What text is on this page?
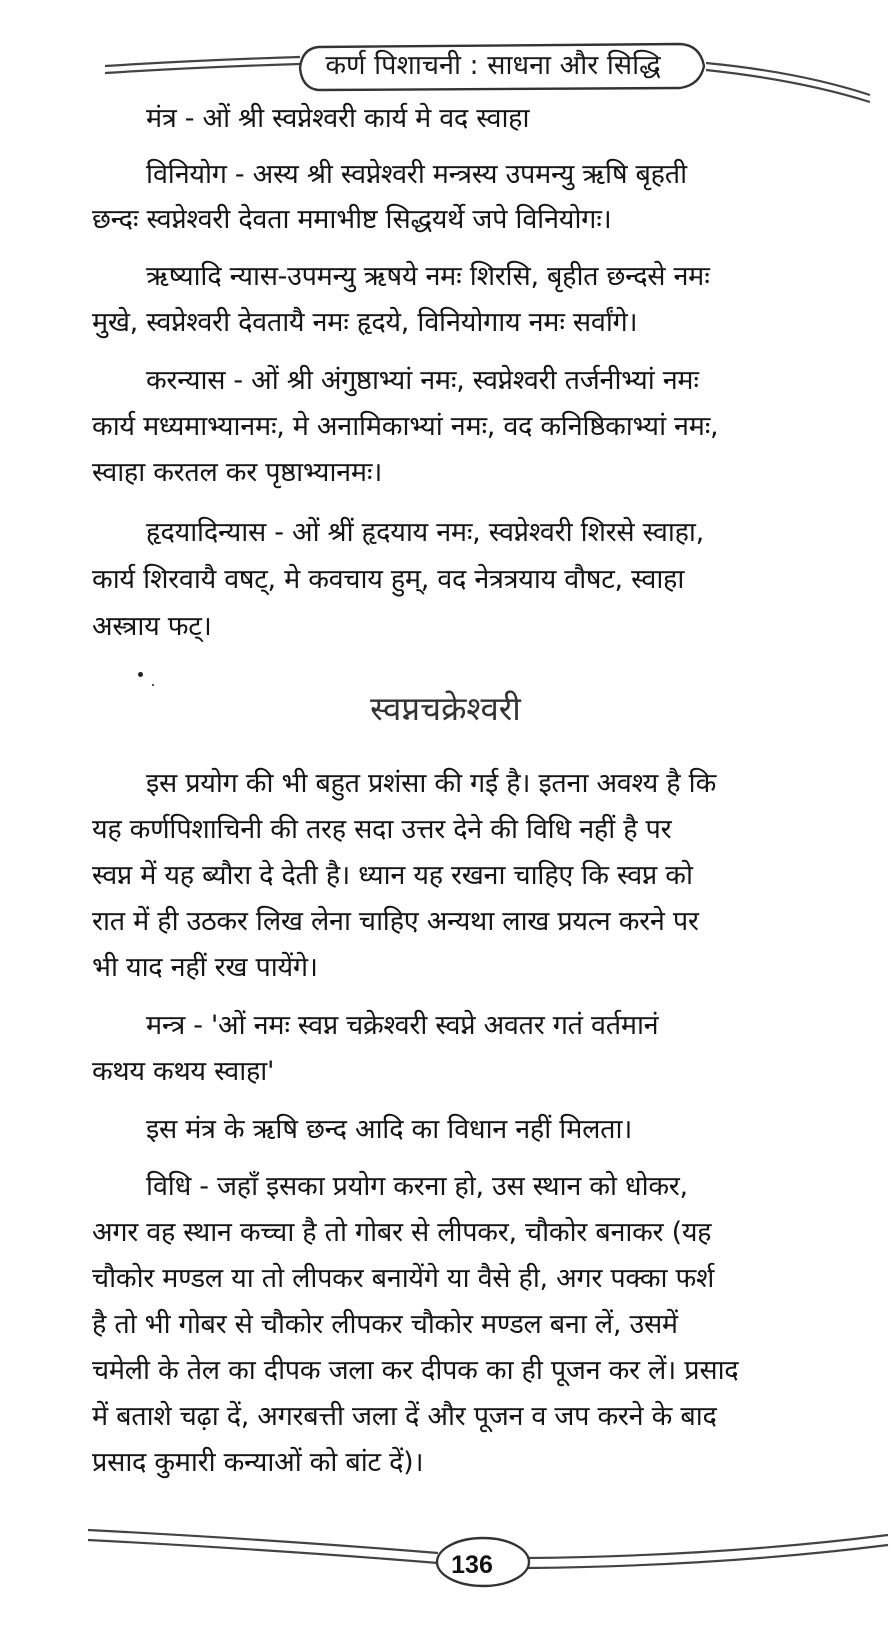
कर्ण पिशाचनी : साधना और सिद्धि
मंत्र - ओं श्री स्वप्नेश्वरी कार्य मे वद स्वाहा
विनियोग - अस्य श्री स्वप्नेश्वरी मन्त्रस्य उपमन्यु ऋषि बृहती
छन्दः स्वप्नेश्वरी देवता ममाभीष्ट सिद्धयर्थे जपे विनियोगः।
ऋष्यादि न्यास-उपमन्यु ऋषये नमः शिरसि, बृहीत छन्दसे नमः
मुखे, स्वप्नेश्वरी देवतायै नमः हृदये, विनियोगाय नमः सर्वांगे।
करन्यास - ओं श्री अंगुष्ठाभ्यां नमः, स्वप्नेश्वरी तर्जनीभ्यां नमः
कार्य मध्यमाभ्यानमः, मे अनामिकाभ्यां नमः, वद कनिष्ठिकाभ्यां नमः,
स्वाहा करतल कर पृष्ठाभ्यानमः।
हृदयादिन्यास - ओं श्रीं हृदयाय नमः, स्वप्नेश्वरी शिरसे स्वाहा,
कार्य शिरवायै वषट्, मे कवचाय हुम्, वद नेत्रत्रयाय वौषट, स्वाहा
अस्त्राय फट्।
स्वप्नचक्रेश्वरी
इस प्रयोग की भी बहुत प्रशंसा की गई है। इतना अवश्य है कि
यह कर्णपिशाचिनी की तरह सदा उत्तर देने की विधि नहीं है पर
स्वप्न में यह ब्यौरा दे देती है। ध्यान यह रखना चाहिए कि स्वप्न को
रात में ही उठकर लिख लेना चाहिए अन्यथा लाख प्रयत्न करने पर
भी याद नहीं रख पायेंगे।
मन्त्र - 'ओं नमः स्वप्न चक्रेश्वरी स्वप्ने अवतर गतं वर्तमानं
कथय कथय स्वाहा'
इस मंत्र के ऋषि छन्द आदि का विधान नहीं मिलता।
विधि - जहाँ इसका प्रयोग करना हो, उस स्थान को धोकर,
अगर वह स्थान कच्चा है तो गोबर से लीपकर, चौकोर बनाकर (यह
चौकोर मण्डल या तो लीपकर बनायेंगे या वैसे ही, अगर पक्का फर्श
है तो भी गोबर से चौकोर लीपकर चौकोर मण्डल बना लें, उसमें
चमेली के तेल का दीपक जला कर दीपक का ही पूजन कर लें। प्रसाद
में बताशे चढ़ा दें, अगरबत्ती जला दें और पूजन व जप करने के बाद
प्रसाद कुमारी कन्याओं को बांट दें)।
136
